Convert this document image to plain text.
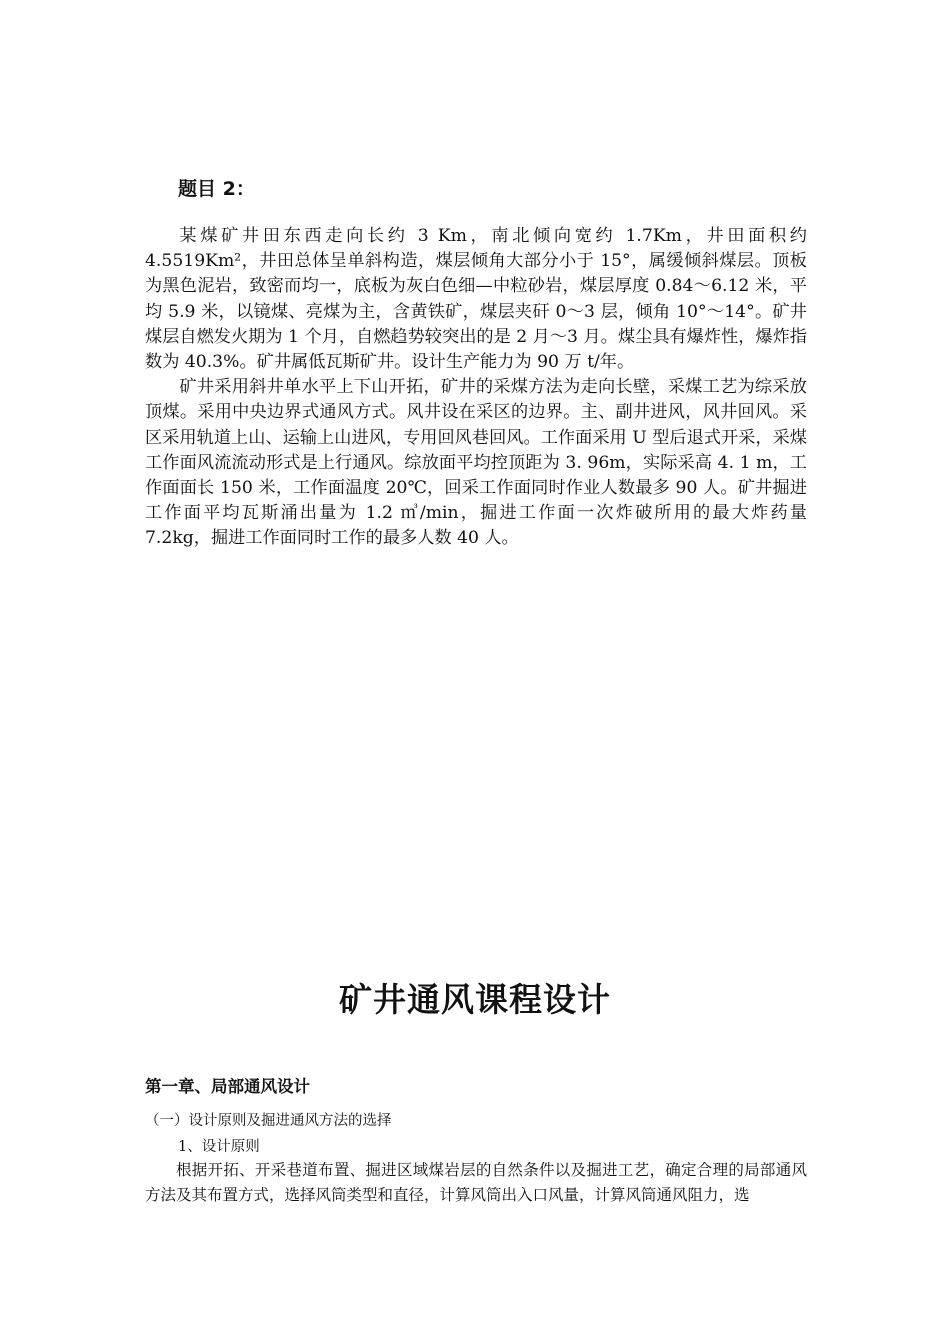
题目 2：

某煤矿井田东西走向长约 3 Km，南北倾向宽约 1.7Km，井田面积约 4.5519Km²，井田总体呈单斜构造，煤层倾角大部分小于 15°，属缓倾斜煤层。顶板为黑色泥岩，致密而均一，底板为灰白色细—中粒砂岩，煤层厚度 0.84～6.12 米，平均 5.9 米，以镜煤、亮煤为主，含黄铁矿，煤层夹矸 0～3 层，倾角 10°～14°。矿井煤层自燃发火期为 1 个月，自燃趋势较突出的是 2 月～3 月。煤尘具有爆炸性，爆炸指数为 40.3%。矿井属低瓦斯矿井。设计生产能力为 90 万 t/年。

矿井采用斜井单水平上下山开拓，矿井的采煤方法为走向长壁，采煤工艺为综采放顶煤。采用中央边界式通风方式。风井设在采区的边界。主、副井进风，风井回风。采区采用轨道上山、运输上山进风，专用回风巷回风。工作面采用 U 型后退式开采，采煤工作面风流流动形式是上行通风。综放面平均控顶距为 3. 96m，实际采高 4. 1 m，工作面面长 150 米，工作面温度 20℃，回采工作面同时作业人数最多 90 人。矿井掘进工作面平均瓦斯涌出量为 1.2 ㎥/min，掘进工作面一次炸破所用的最大炸药量 7.2kg，掘进工作面同时工作的最多人数 40 人。

矿井通风课程设计
第一章、局部通风设计
（一）设计原则及掘进通风方法的选择
1、设计原则

根据开拓、开采巷道布置、掘进区域煤岩层的自然条件以及掘进工艺，确定合理的局部通风方法及其布置方式，选择风筒类型和直径，计算风筒出入口风量，计算风筒通风阻力，选
